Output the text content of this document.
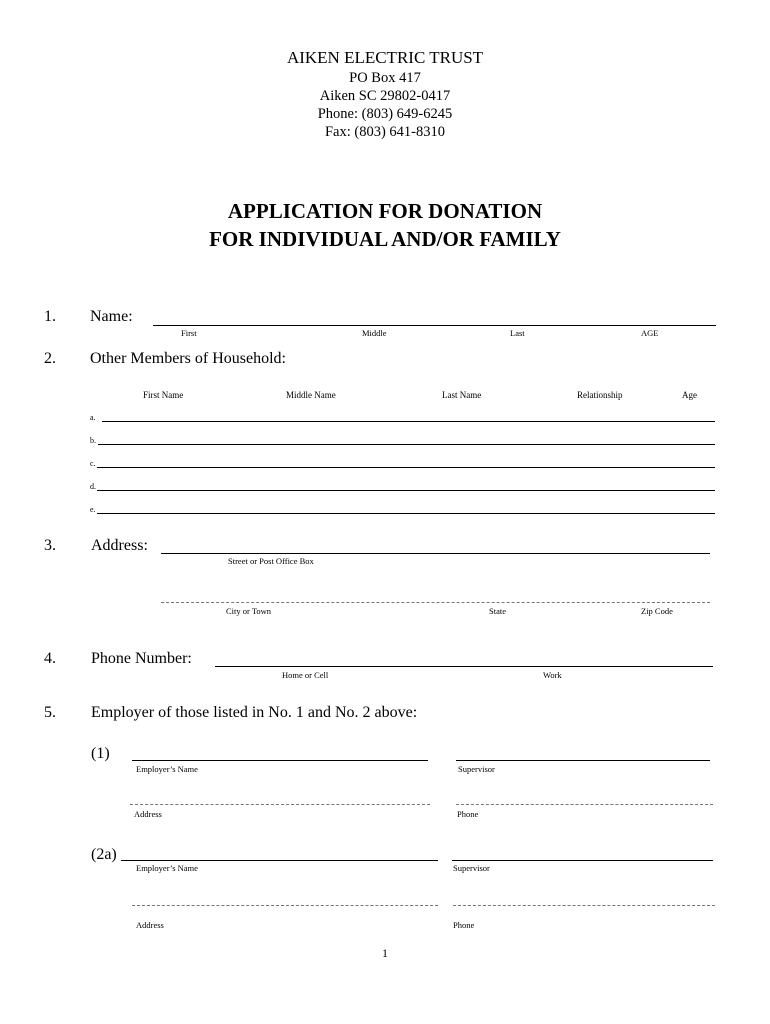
AIKEN ELECTRIC TRUST
PO Box 417
Aiken SC 29802-0417
Phone: (803) 649-6245
Fax: (803) 641-8310
APPLICATION FOR DONATION
FOR INDIVIDUAL AND/OR FAMILY
1. Name:
First	Middle	Last	AGE
2. Other Members of Household:
First Name	Middle Name	Last Name	Relationship	Age
a.
b.
c.
d.
e.
3. Address:
Street or Post Office Box
City or Town	State	Zip Code
4. Phone Number:
Home or Cell	Work
5. Employer of those listed in No. 1 and No. 2 above:
(1)
Employer’s Name	Supervisor
Address	Phone
(2a)
Employer’s Name	Supervisor
Address	Phone
1
